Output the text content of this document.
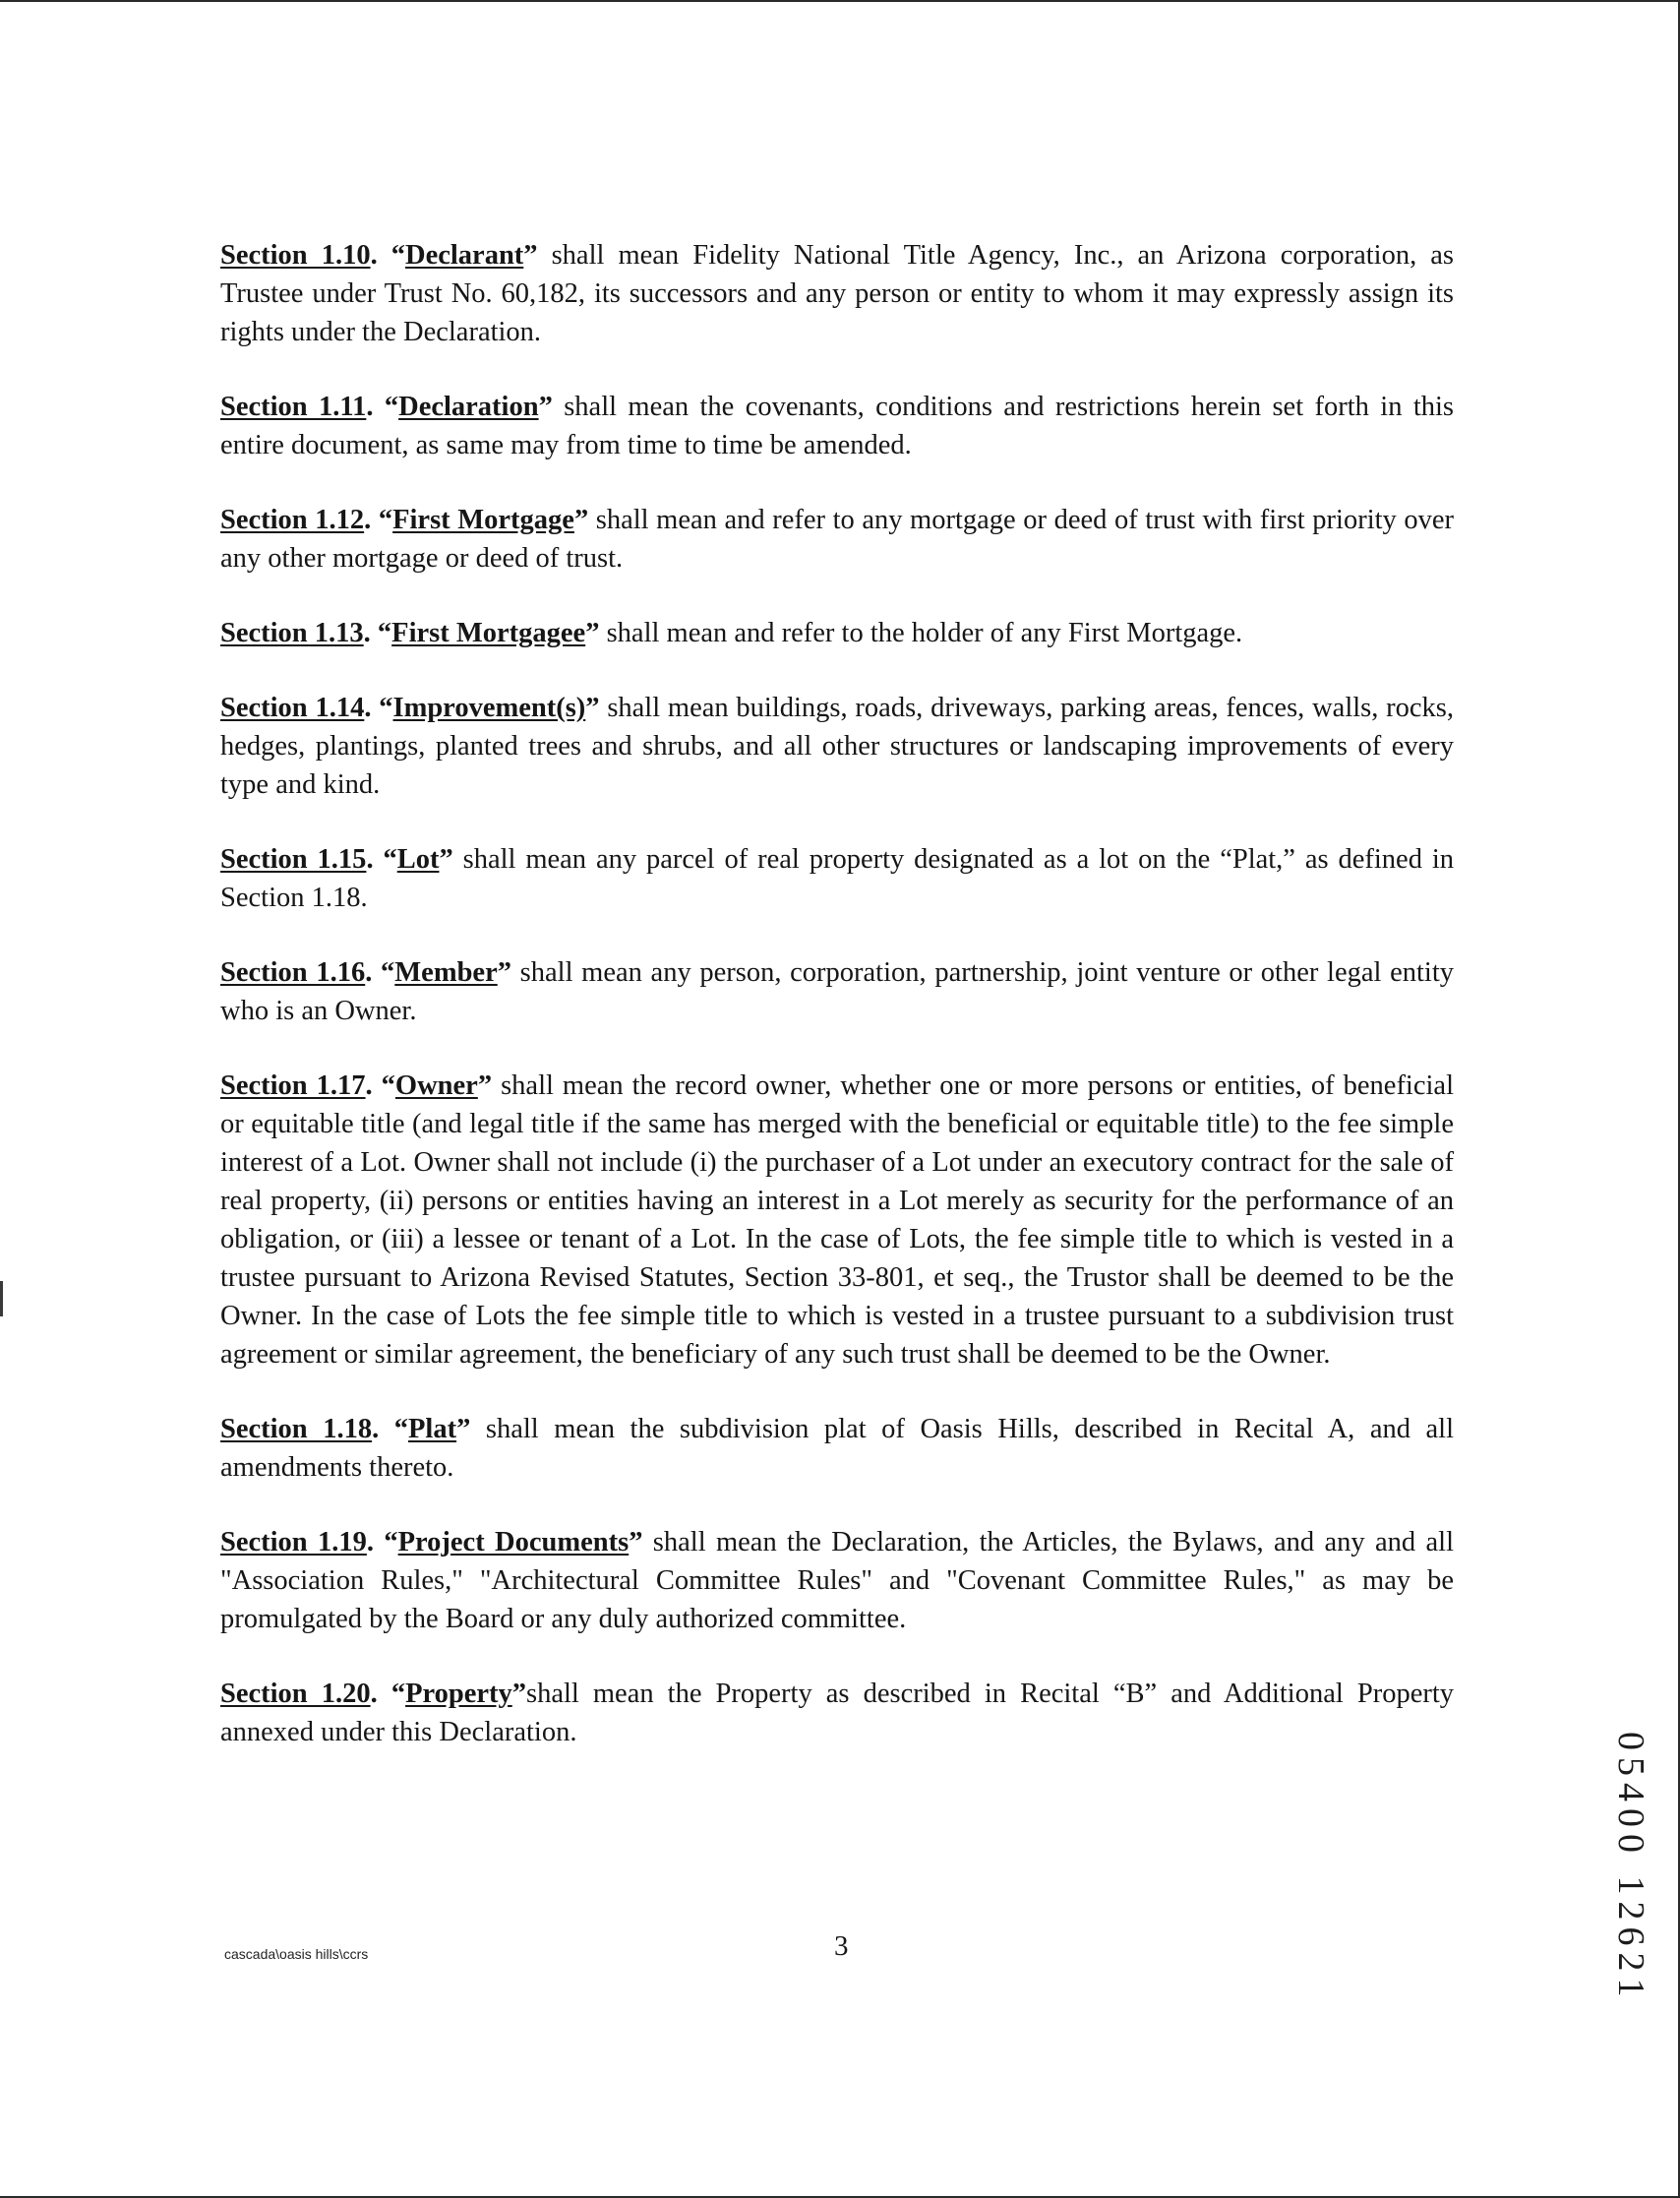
Section 1.10. “Declarant” shall mean Fidelity National Title Agency, Inc., an Arizona corporation, as Trustee under Trust No. 60,182, its successors and any person or entity to whom it may expressly assign its rights under the Declaration.

Section 1.11. “Declaration” shall mean the covenants, conditions and restrictions herein set forth in this entire document, as same may from time to time be amended.

Section 1.12. “First Mortgage” shall mean and refer to any mortgage or deed of trust with first priority over any other mortgage or deed of trust.

Section 1.13. “First Mortgagee” shall mean and refer to the holder of any First Mortgage.

Section 1.14. “Improvement(s)” shall mean buildings, roads, driveways, parking areas, fences, walls, rocks, hedges, plantings, planted trees and shrubs, and all other structures or landscaping improvements of every type and kind.

Section 1.15. “Lot” shall mean any parcel of real property designated as a lot on the “Plat,” as defined in Section 1.18.

Section 1.16. “Member” shall mean any person, corporation, partnership, joint venture or other legal entity who is an Owner.

Section 1.17. “Owner” shall mean the record owner, whether one or more persons or entities, of beneficial or equitable title (and legal title if the same has merged with the beneficial or equitable title) to the fee simple interest of a Lot. Owner shall not include (i) the purchaser of a Lot under an executory contract for the sale of real property, (ii) persons or entities having an interest in a Lot merely as security for the performance of an obligation, or (iii) a lessee or tenant of a Lot. In the case of Lots, the fee simple title to which is vested in a trustee pursuant to Arizona Revised Statutes, Section 33-801, et seq., the Trustor shall be deemed to be the Owner. In the case of Lots the fee simple title to which is vested in a trustee pursuant to a subdivision trust agreement or similar agreement, the beneficiary of any such trust shall be deemed to be the Owner.

Section 1.18. “Plat” shall mean the subdivision plat of Oasis Hills, described in Recital A, and all amendments thereto.

Section 1.19. “Project Documents” shall mean the Declaration, the Articles, the Bylaws, and any and all "Association Rules," "Architectural Committee Rules" and "Covenant Committee Rules," as may be promulgated by the Board or any duly authorized committee.

Section 1.20. “Property”shall mean the Property as described in Recital “B” and Additional Property annexed under this Declaration.

cascada\oasis hills\ccrs	3	05400 12621
